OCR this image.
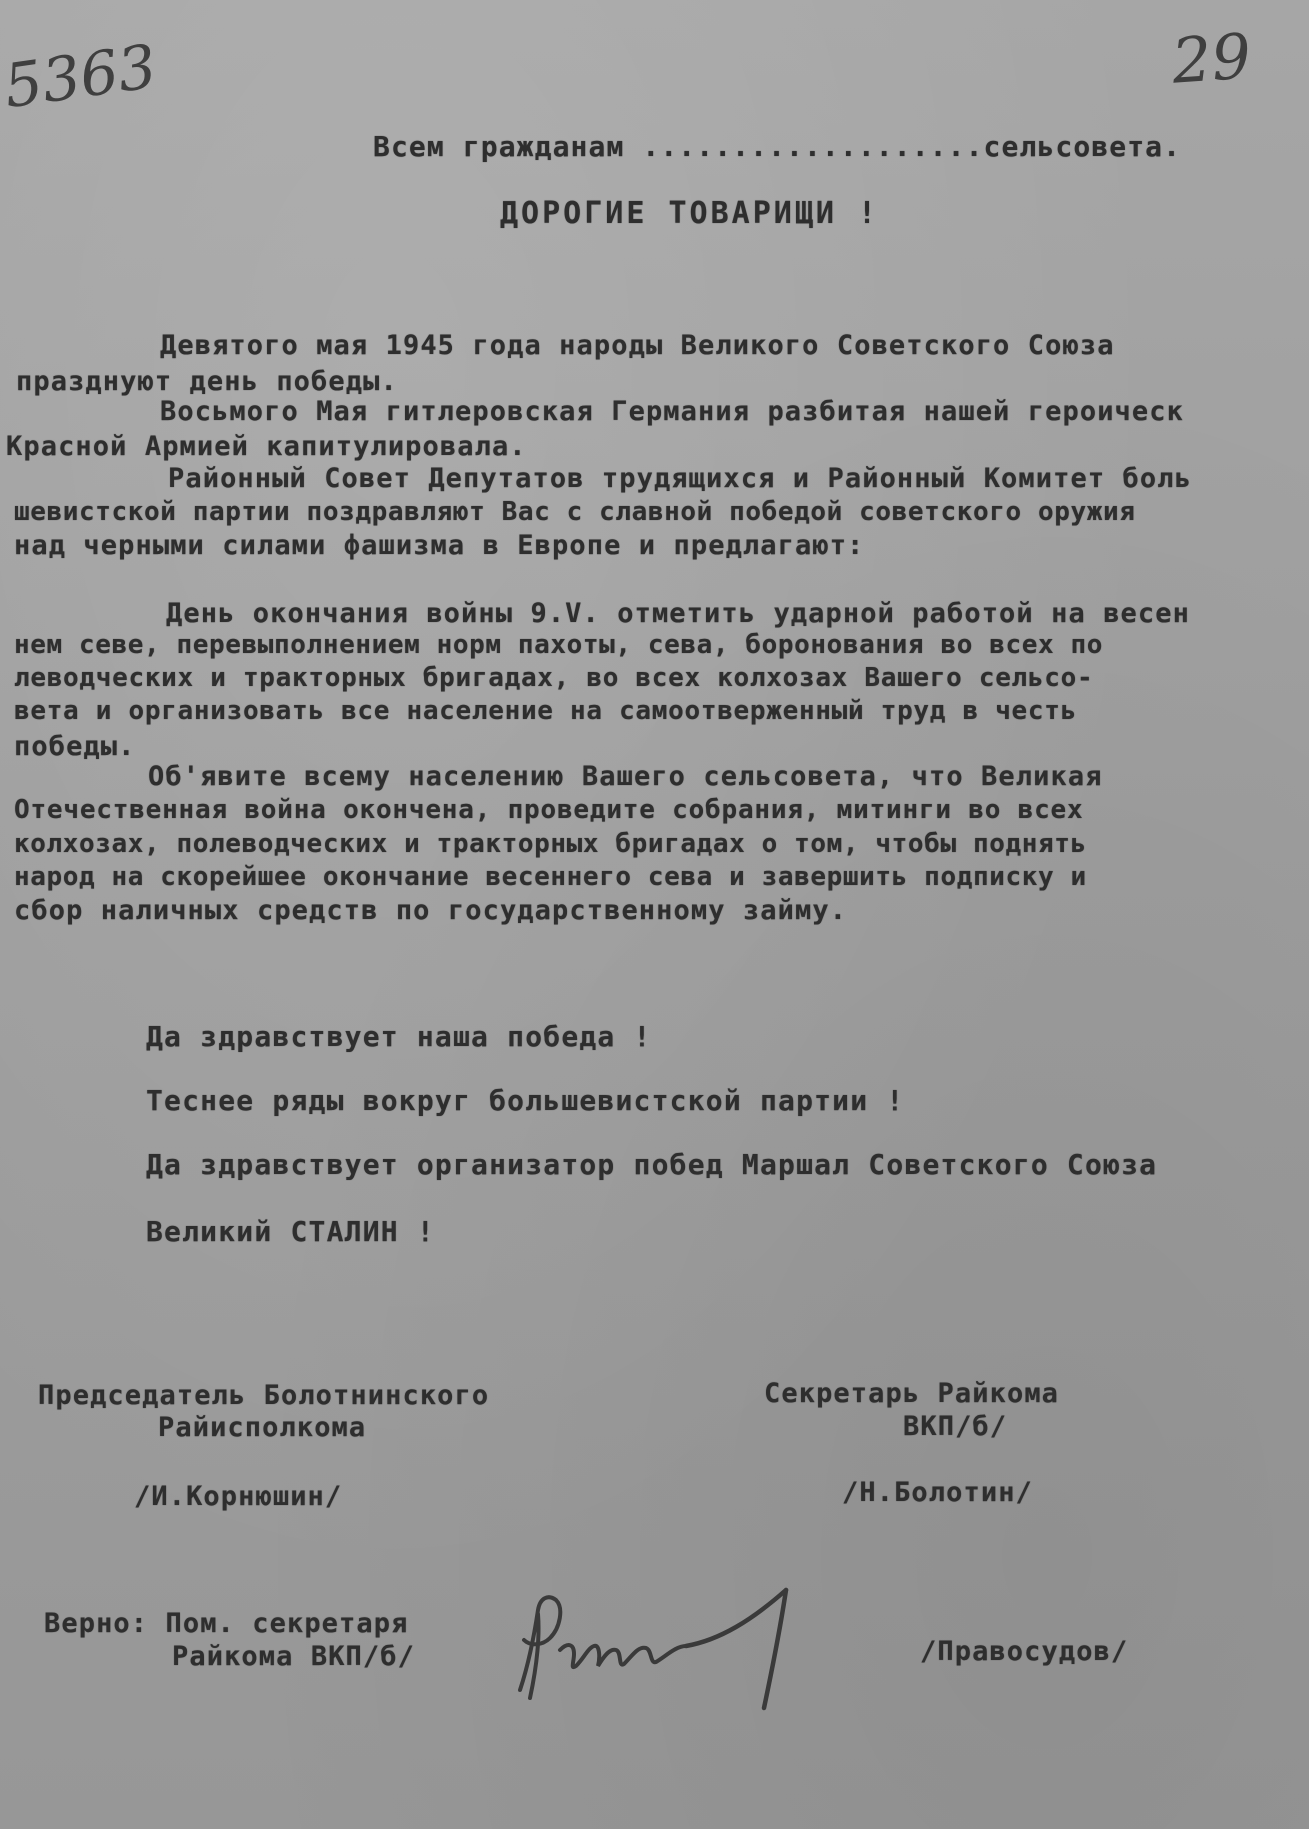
5363	29
Всем гражданам ...................сельсовета.
ДОРОГИЕ ТОВАРИЩИ !
Девятого мая 1945 года народы Великого Советского Союза
празднуют день победы.
Восьмого Мая гитлеровская Германия разбитая нашей героическ
Красной Армией капитулировала.
Районный Совет Депутатов трудящихся и Районный Комитет боль
шевистской партии поздравляют Вас с славной победой советского оружия
над черными силами фашизма в Европе и предлагают:
День окончания войны 9.V. отметить ударной работой на весен
нем севе, перевыполнением норм пахоты, сева, боронования во всех по
леводческих и тракторных бригадах, во всех колхозах Вашего сельсо-
вета и организовать все население на самоотверженный труд в честь
победы.
Об'явите всему населению Вашего сельсовета, что Великая
Отечественная война окончена, проведите собрания, митинги во всех
колхозах, полеводческих и тракторных бригадах о том, чтобы поднять
народ на скорейшее окончание весеннего сева и завершить подписку и
сбор наличных средств по государственному займу.
Да здравствует наша победа !
Теснее ряды вокруг большевистской партии !
Да здравствует организатор побед Маршал Советского Союза
Великий СТАЛИН !
Председатель Болотнинского
Райисполкома
/И.Корнюшин/
Секретарь Райкома
ВКП/б/
/Н.Болотин/
Верно: Пом. секретаря
Райкома ВКП/б/	/Правосудов/
